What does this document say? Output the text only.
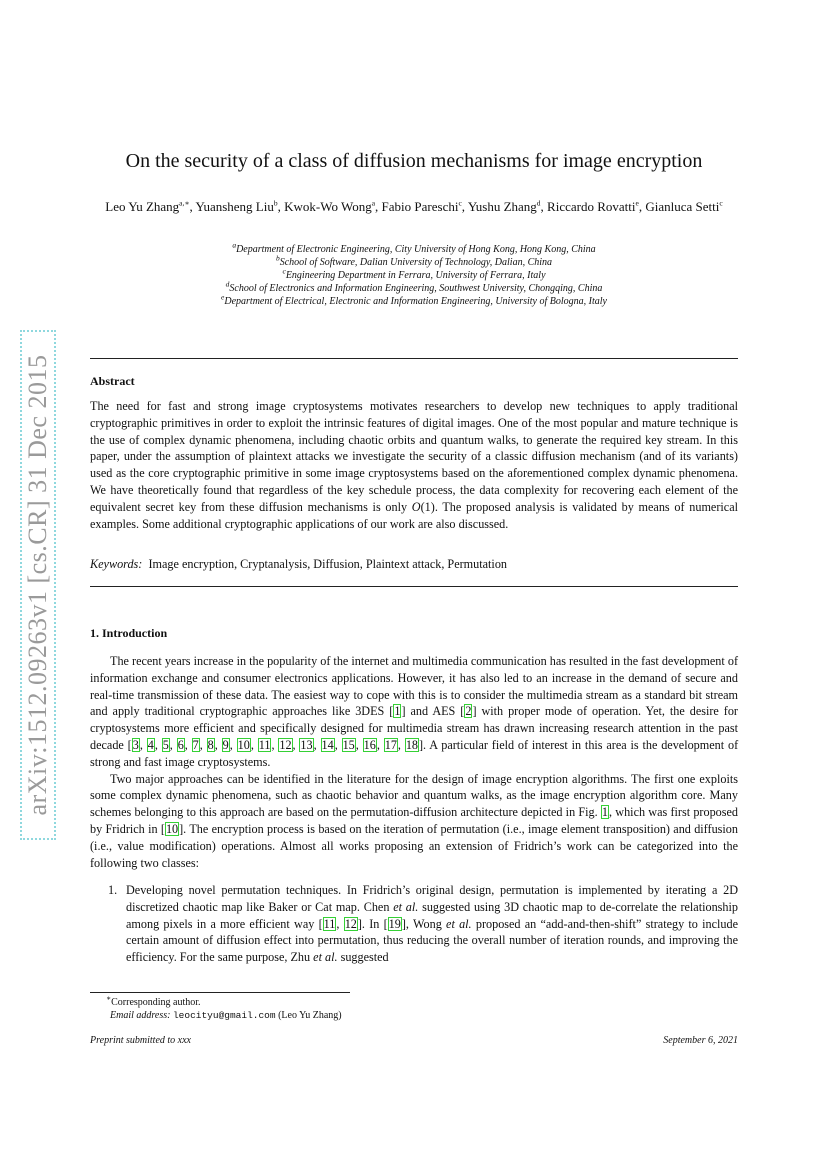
arXiv:1512.09263v1 [cs.CR] 31 Dec 2015
On the security of a class of diffusion mechanisms for image encryption
Leo Yu Zhang$^{a,∗}$, Yuansheng Liu$^b$, Kwok-Wo Wong$^a$, Fabio Pareschi$^c$, Yushu Zhang$^d$, Riccardo Rovatti$^e$, Gianluca Setti$^c$
$^a$Department of Electronic Engineering, City University of Hong Kong, Hong Kong, China
$^b$School of Software, Dalian University of Technology, Dalian, China
$^c$Engineering Department in Ferrara, University of Ferrara, Italy
$^d$School of Electronics and Information Engineering, Southwest University, Chongqing, China
$^e$Department of Electrical, Electronic and Information Engineering, University of Bologna, Italy
Abstract
The need for fast and strong image cryptosystems motivates researchers to develop new techniques to apply traditional cryptographic primitives in order to exploit the intrinsic features of digital images. One of the most popular and mature technique is the use of complex dynamic phenomena, including chaotic orbits and quantum walks, to generate the required key stream. In this paper, under the assumption of plaintext attacks we investigate the security of a classic diffusion mechanism (and of its variants) used as the core cryptographic primitive in some image cryptosystems based on the aforementioned complex dynamic phenomena. We have theoretically found that regardless of the key schedule process, the data complexity for recovering each element of the equivalent secret key from these diffusion mechanisms is only O(1). The proposed analysis is validated by means of numerical examples. Some additional cryptographic applications of our work are also discussed.
Keywords: Image encryption, Cryptanalysis, Diffusion, Plaintext attack, Permutation
1. Introduction

The recent years increase in the popularity of the internet and multimedia communication has resulted in the fast development of information exchange and consumer electronics applications. However, it has also led to an increase in the demand of secure and real-time transmission of these data. The easiest way to cope with this is to consider the multimedia stream as a standard bit stream and apply traditional cryptographic approaches like 3DES [1] and AES [2] with proper mode of operation. Yet, the desire for cryptosystems more efficient and specifically designed for multimedia stream has drawn increasing research attention in the past decade [3, 4, 5, 6, 7, 8, 9, 10, 11, 12, 13, 14, 15, 16, 17, 18]. A particular field of interest in this area is the development of strong and fast image cryptosystems.

Two major approaches can be identified in the literature for the design of image encryption algorithms. The first one exploits some complex dynamic phenomena, such as chaotic behavior and quantum walks, as the image encryption algorithm core. Many schemes belonging to this approach are based on the permutation-diffusion architecture depicted in Fig. 1, which was first proposed by Fridrich in [10]. The encryption process is based on the iteration of permutation (i.e., image element transposition) and diffusion (i.e., value modification) operations. Almost all works proposing an extension of Fridrich’s work can be categorized into the following two classes:

1. Developing novel permutation techniques. In Fridrich’s original design, permutation is implemented by iterating a 2D discretized chaotic map like Baker or Cat map. Chen et al. suggested using 3D chaotic map to de-correlate the relationship among pixels in a more efficient way [11, 12]. In [19], Wong et al. proposed an “add-and-then-shift” strategy to include certain amount of diffusion effect into permutation, thus reducing the overall number of iteration rounds, and improving the efficiency. For the same purpose, Zhu et al. suggested
∗Corresponding author.
Email address: leocityu@gmail.com (Leo Yu Zhang)
Preprint submitted to xxx	September 6, 2021
